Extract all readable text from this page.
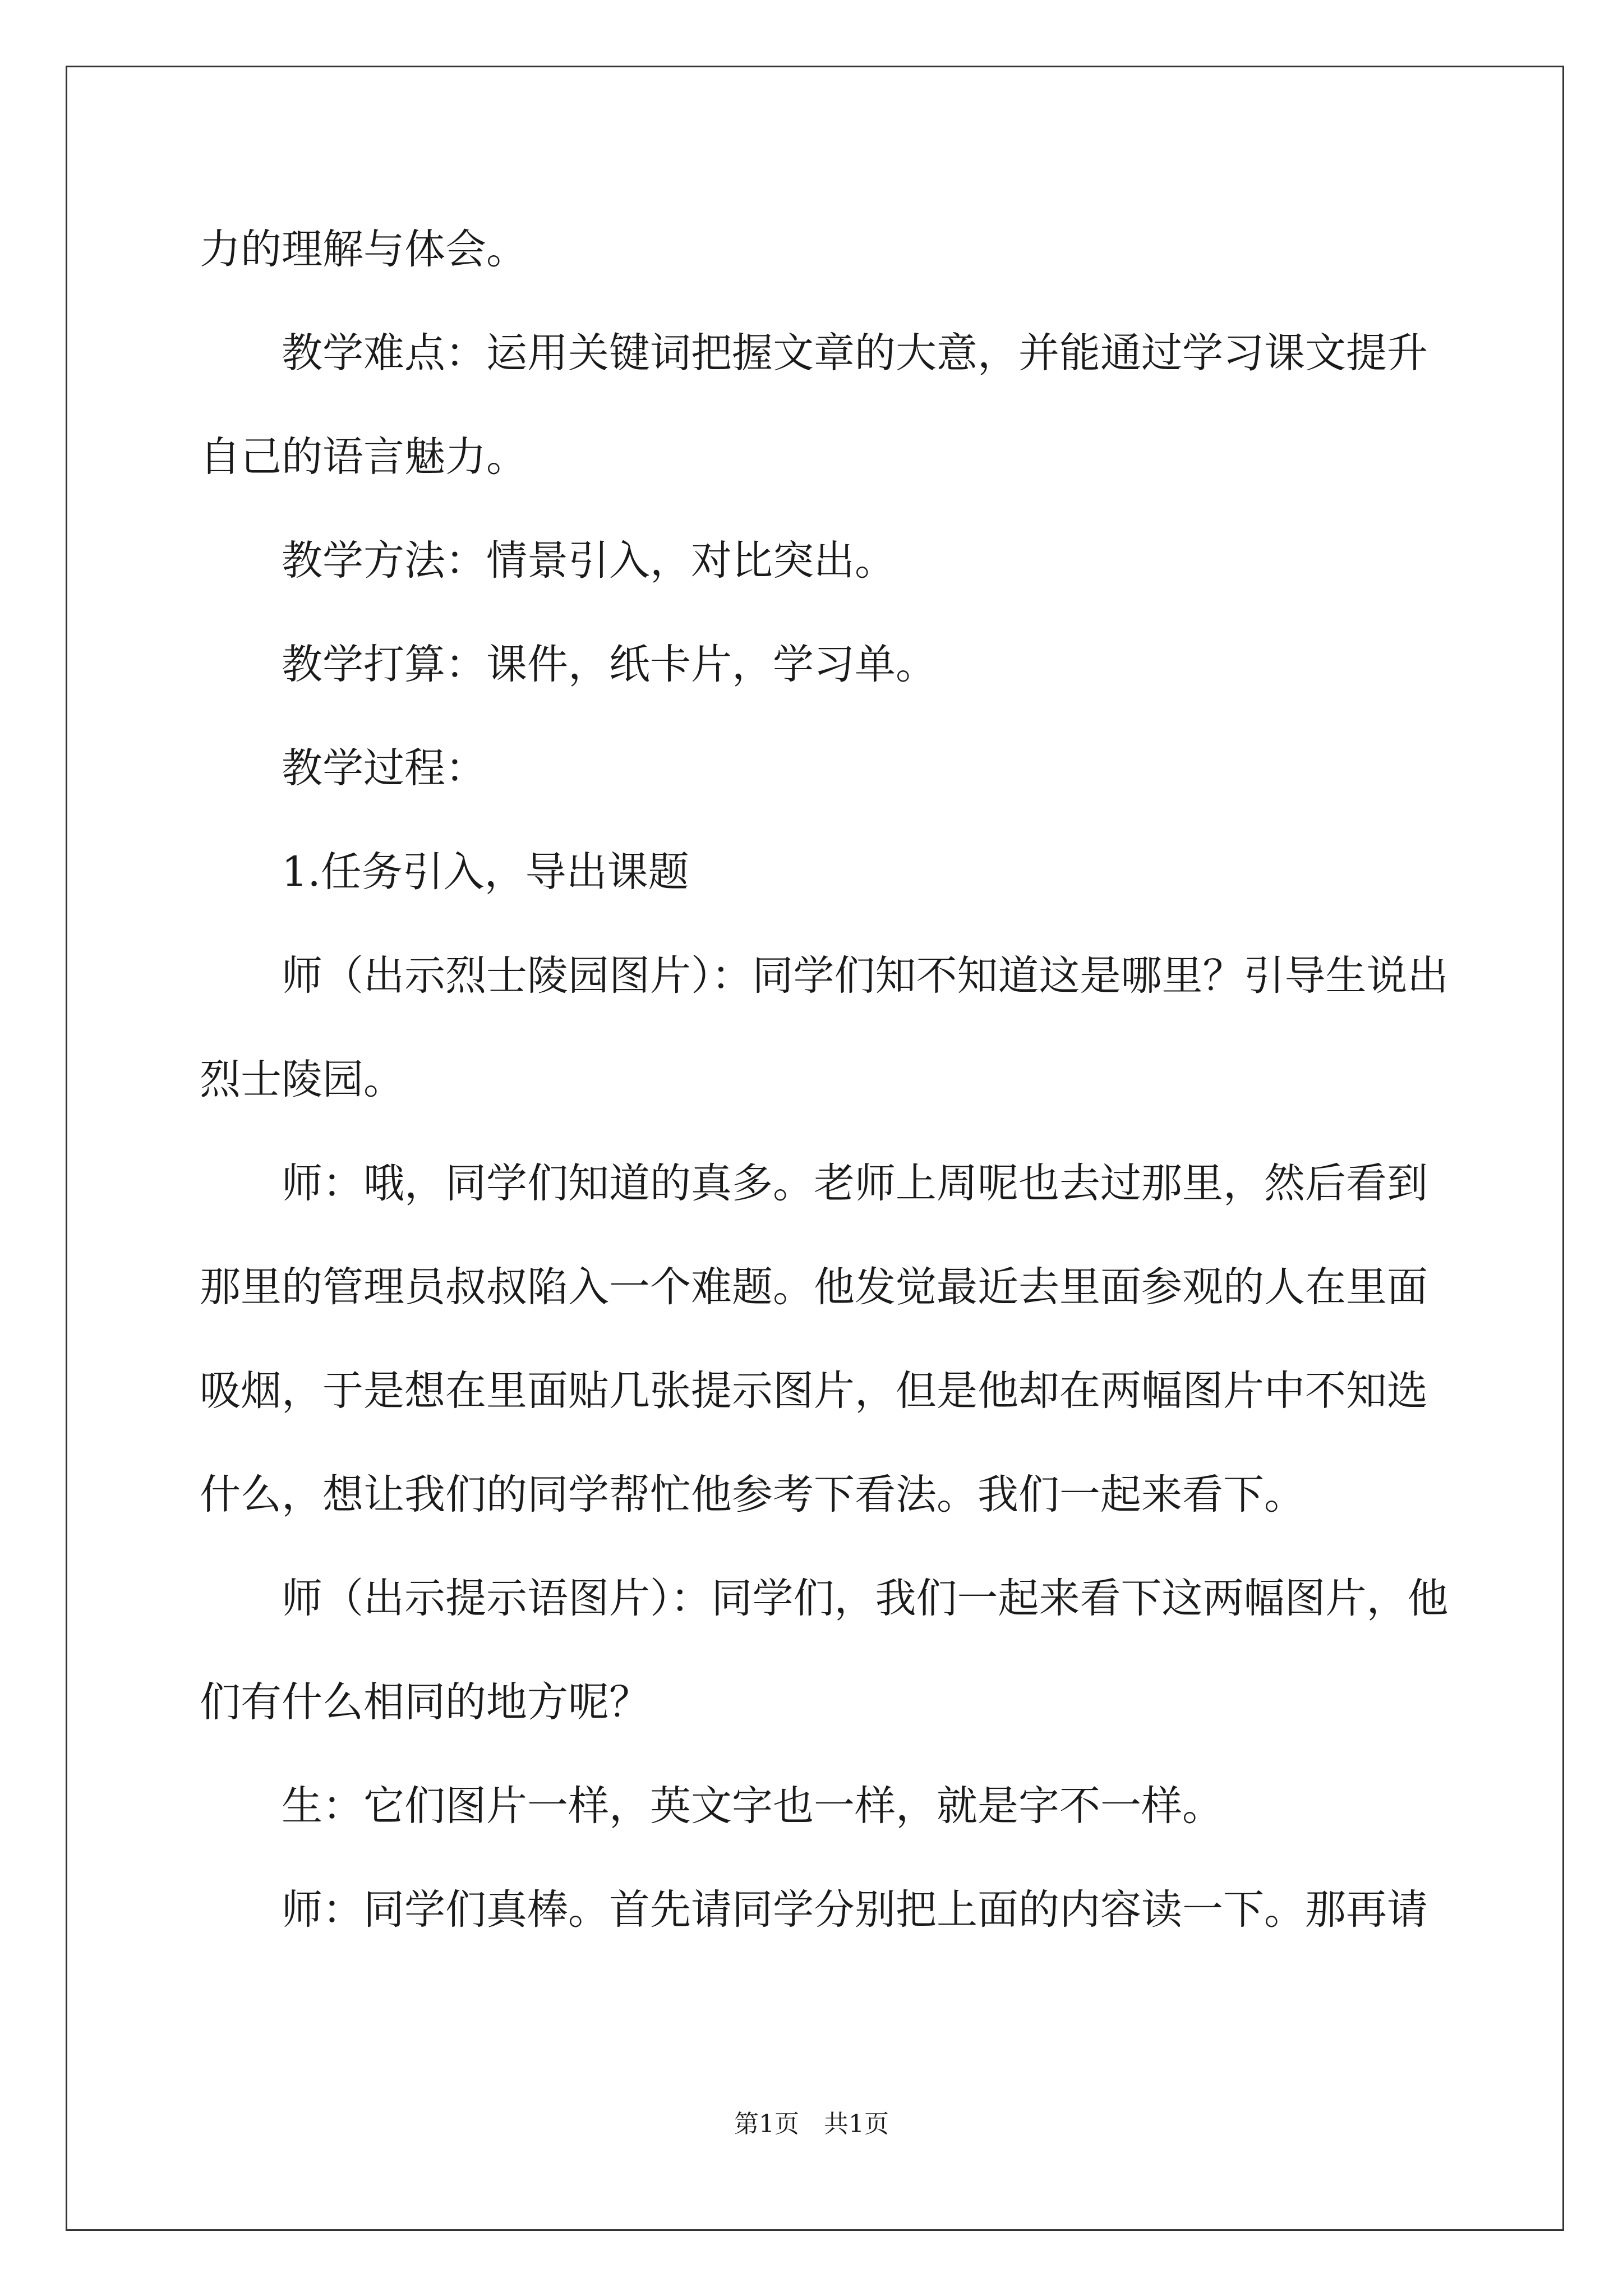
力的理解与体会。
教学难点：运用关键词把握文章的大意，并能通过学习课文提升
自己的语言魅力。
教学方法：情景引入，对比突出。
教学打算：课件，纸卡片，学习单。
教学过程：
1.任务引入，导出课题
师（出示烈士陵园图片）：同学们知不知道这是哪里？引导生说出
烈士陵园。
师：哦，同学们知道的真多。老师上周呢也去过那里，然后看到
那里的管理员叔叔陷入一个难题。他发觉最近去里面参观的人在里面
吸烟，于是想在里面贴几张提示图片，但是他却在两幅图片中不知选
什么，想让我们的同学帮忙他参考下看法。我们一起来看下。
师（出示提示语图片）：同学们，我们一起来看下这两幅图片，他
们有什么相同的地方呢？
生：它们图片一样，英文字也一样，就是字不一样。
师：同学们真棒。首先请同学分别把上面的内容读一下。那再请
第1页　共1页
